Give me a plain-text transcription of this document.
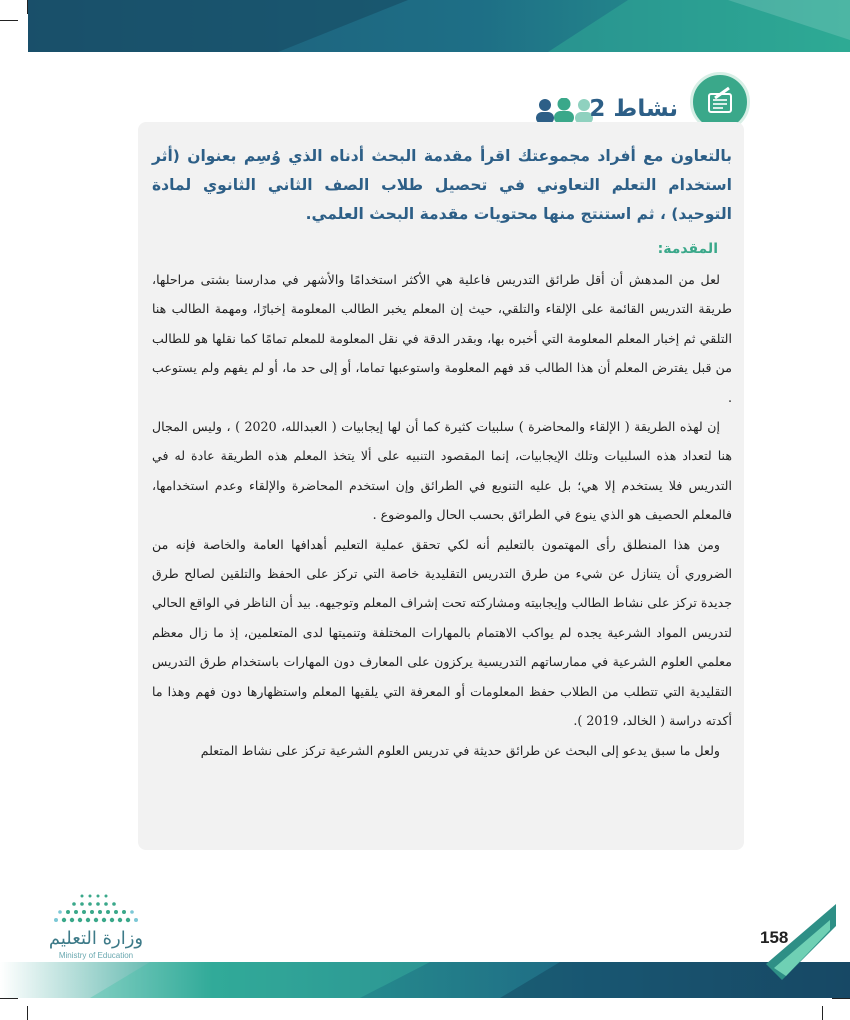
نشاط 2

بالتعاون مع أفراد مجموعتك اقرأ مقدمة البحث أدناه الذي وُسِم بعنوان (أثر استخدام التعلم التعاوني في تحصيل طلاب الصف الثاني الثانوي لمادة التوحيد) ، ثم استنتج منها محتويات مقدمة البحث العلمي.

المقدمة:

لعل من المدهش أن أقل طرائق التدريس فاعلية هي الأكثر استخدامًا والأشهر في مدارسنا بشتى مراحلها، طريقة التدريس القائمة على الإلقاء والتلقي، حيث إن المعلم يخبر الطالب المعلومة إخبارًا، ومهمة الطالب هنا التلقي ثم إخبار المعلم المعلومة التي أخبره بها، وبقدر الدقة في نقل المعلومة للمعلم تمامًا كما نقلها هو للطالب من قبل يفترض المعلم أن هذا الطالب قد فهم المعلومة واستوعبها تماما، أو إلى حد ما، أو لم يفهم ولم يستوعب .

إن لهذه الطريقة ( الإلقاء والمحاضرة ) سلبيات كثيرة كما أن لها إيجابيات ( العبدالله، 2020 ) ، وليس المجال هنا لتعداد هذه السلبيات وتلك الإيجابيات، إنما المقصود التنبيه على ألا يتخذ المعلم هذه الطريقة عادة له في التدريس فلا يستخدم إلا هي؛ بل عليه التنويع في الطرائق وإن استخدم المحاضرة والإلقاء وعدم استخدامها، فالمعلم الحصيف هو الذي ينوع في الطرائق بحسب الحال والموضوع .

ومن هذا المنطلق رأى المهتمون بالتعليم أنه لكي تحقق عملية التعليم أهدافها العامة والخاصة فإنه من الضروري أن يتنازل عن شيء من طرق التدريس التقليدية خاصة التي تركز على الحفظ والتلقين لصالح طرق جديدة تركز على نشاط الطالب وإيجابيته ومشاركته تحت إشراف المعلم وتوجيهه. بيد أن الناظر في الواقع الحالي لتدريس المواد الشرعية يجده لم يواكب الاهتمام بالمهارات المختلفة وتنميتها لدى المتعلمين، إذ ما زال معظم معلمي العلوم الشرعية في ممارساتهم التدريسية يركزون على المعارف دون المهارات باستخدام طرق التدريس التقليدية التي تتطلب من الطلاب حفظ المعلومات أو المعرفة التي يلقيها المعلم واستظهارها دون فهم وهذا ما أكدته دراسة ( الخالد، 2019 ).

ولعل ما سبق يدعو إلى البحث عن طرائق حديثة في تدريس العلوم الشرعية تركز على نشاط المتعلم

وزارة التعليم
Ministry of Education
158
